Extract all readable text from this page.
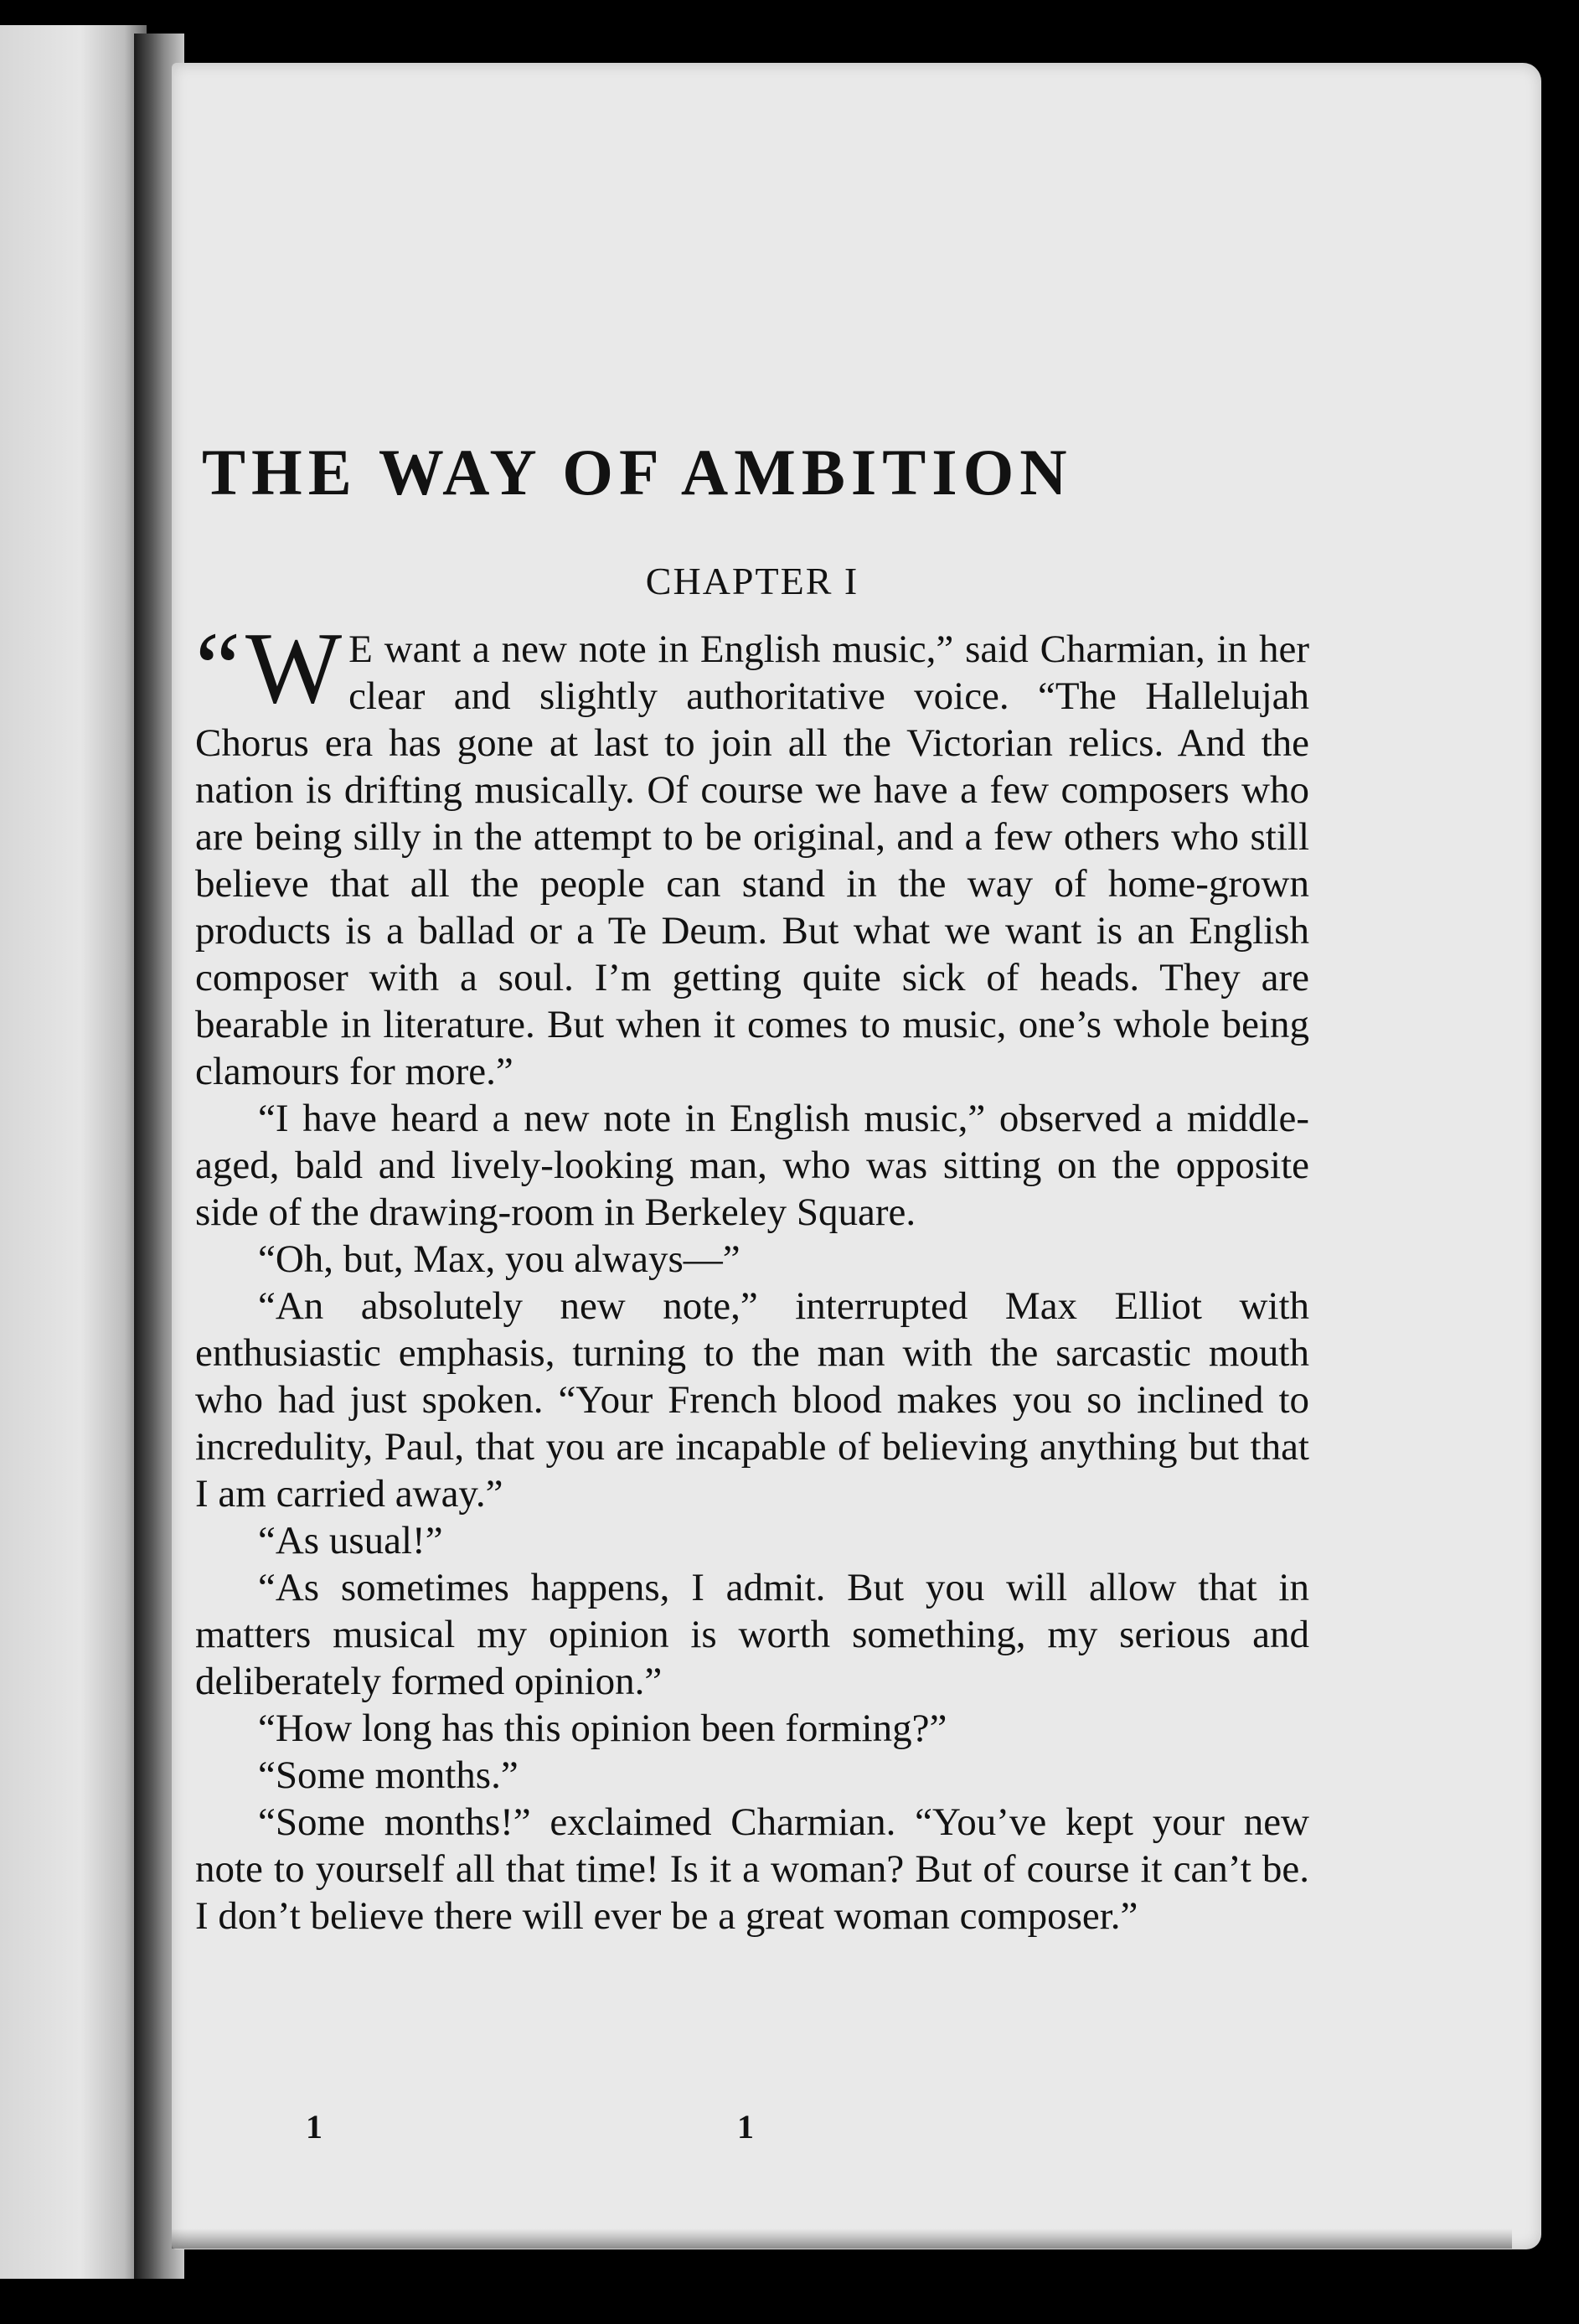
THE WAY OF AMBITION
CHAPTER I

“W E want a new note in English music,” said Charmian, in her clear and slightly authoritative voice. “The Hallelujah Chorus era has gone at last to join all the Victorian relics. And the nation is drifting musically. Of course we have a few composers who are being silly in the attempt to be original, and a few others who still believe that all the people can stand in the way of home-grown products is a ballad or a Te Deum. But what we want is an English composer with a soul. I’m getting quite sick of heads. They are bearable in literature. But when it comes to music, one’s whole being clamours for more.”

“I have heard a new note in English music,” observed a middle-aged, bald and lively-looking man, who was sitting on the opposite side of the drawing-room in Berkeley Square.

“Oh, but, Max, you always—”

“An absolutely new note,” interrupted Max Elliot with enthusiastic emphasis, turning to the man with the sarcastic mouth who had just spoken. “Your French blood makes you so inclined to incredulity, Paul, that you are incapable of believing anything but that I am carried away.”

“As usual!”

“As sometimes happens, I admit. But you will allow that in matters musical my opinion is worth something, my serious and deliberately formed opinion.”

“How long has this opinion been forming?”

“Some months.”

“Some months!” exclaimed Charmian. “You’ve kept your new note to yourself all that time! Is it a woman? But of course it can’t be. I don’t believe there will ever be a great woman composer.”

1	1
